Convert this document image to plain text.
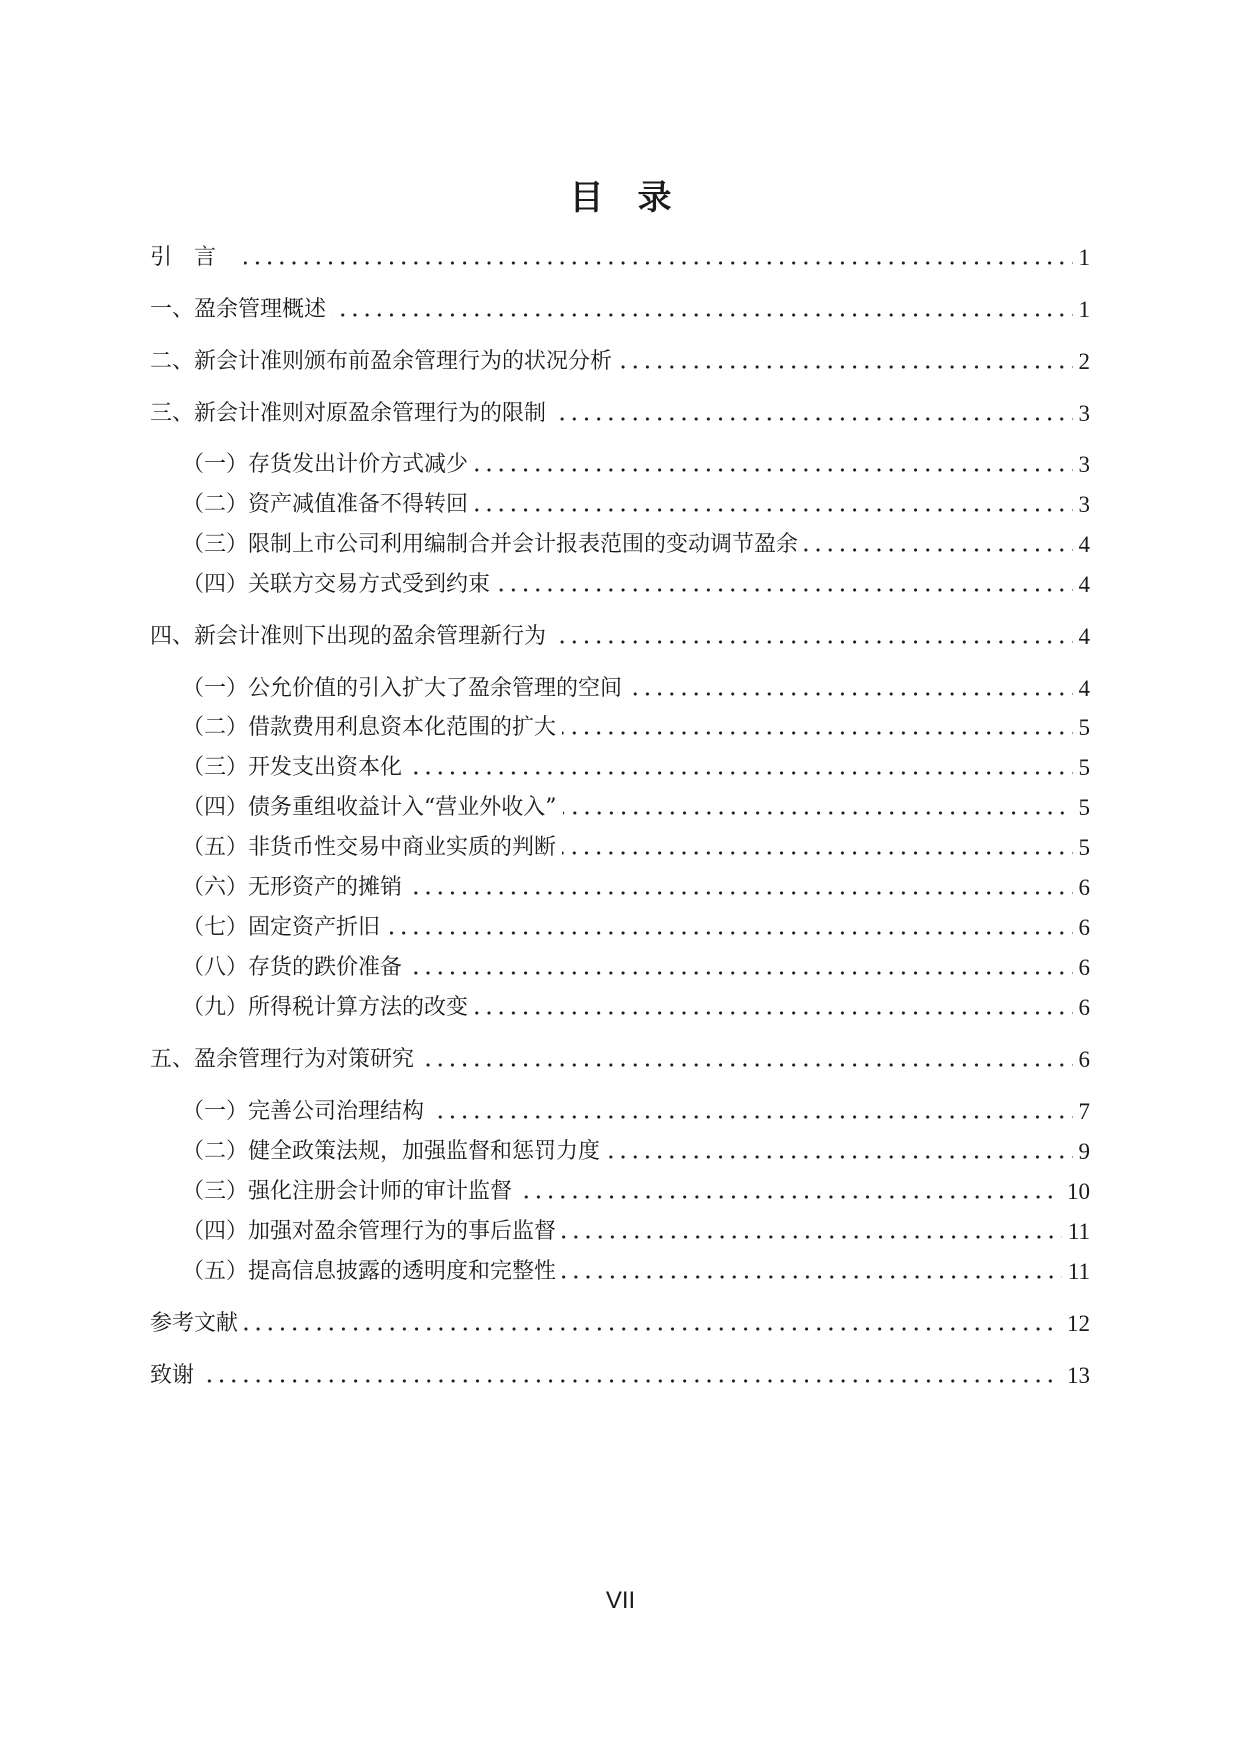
目录
引言	1
一、盈余管理概述	1
二、新会计准则颁布前盈余管理行为的状况分析	2
三、新会计准则对原盈余管理行为的限制	3
（一）存货发出计价方式减少	3
（二）资产减值准备不得转回	3
（三）限制上市公司利用编制合并会计报表范围的变动调节盈余	4
（四）关联方交易方式受到约束	4
四、新会计准则下出现的盈余管理新行为	4
（一）公允价值的引入扩大了盈余管理的空间	4
（二）借款费用利息资本化范围的扩大	5
（三）开发支出资本化	5
（四）债务重组收益计入“营业外收入”	5
（五）非货币性交易中商业实质的判断	5
（六）无形资产的摊销	6
（七）固定资产折旧	6
（八）存货的跌价准备	6
（九）所得税计算方法的改变	6
五、盈余管理行为对策研究	6
（一）完善公司治理结构	7
（二）健全政策法规，加强监督和惩罚力度	9
（三）强化注册会计师的审计监督	10
（四）加强对盈余管理行为的事后监督	11
（五）提高信息披露的透明度和完整性	11
参考文献	12
致谢	13
VII
